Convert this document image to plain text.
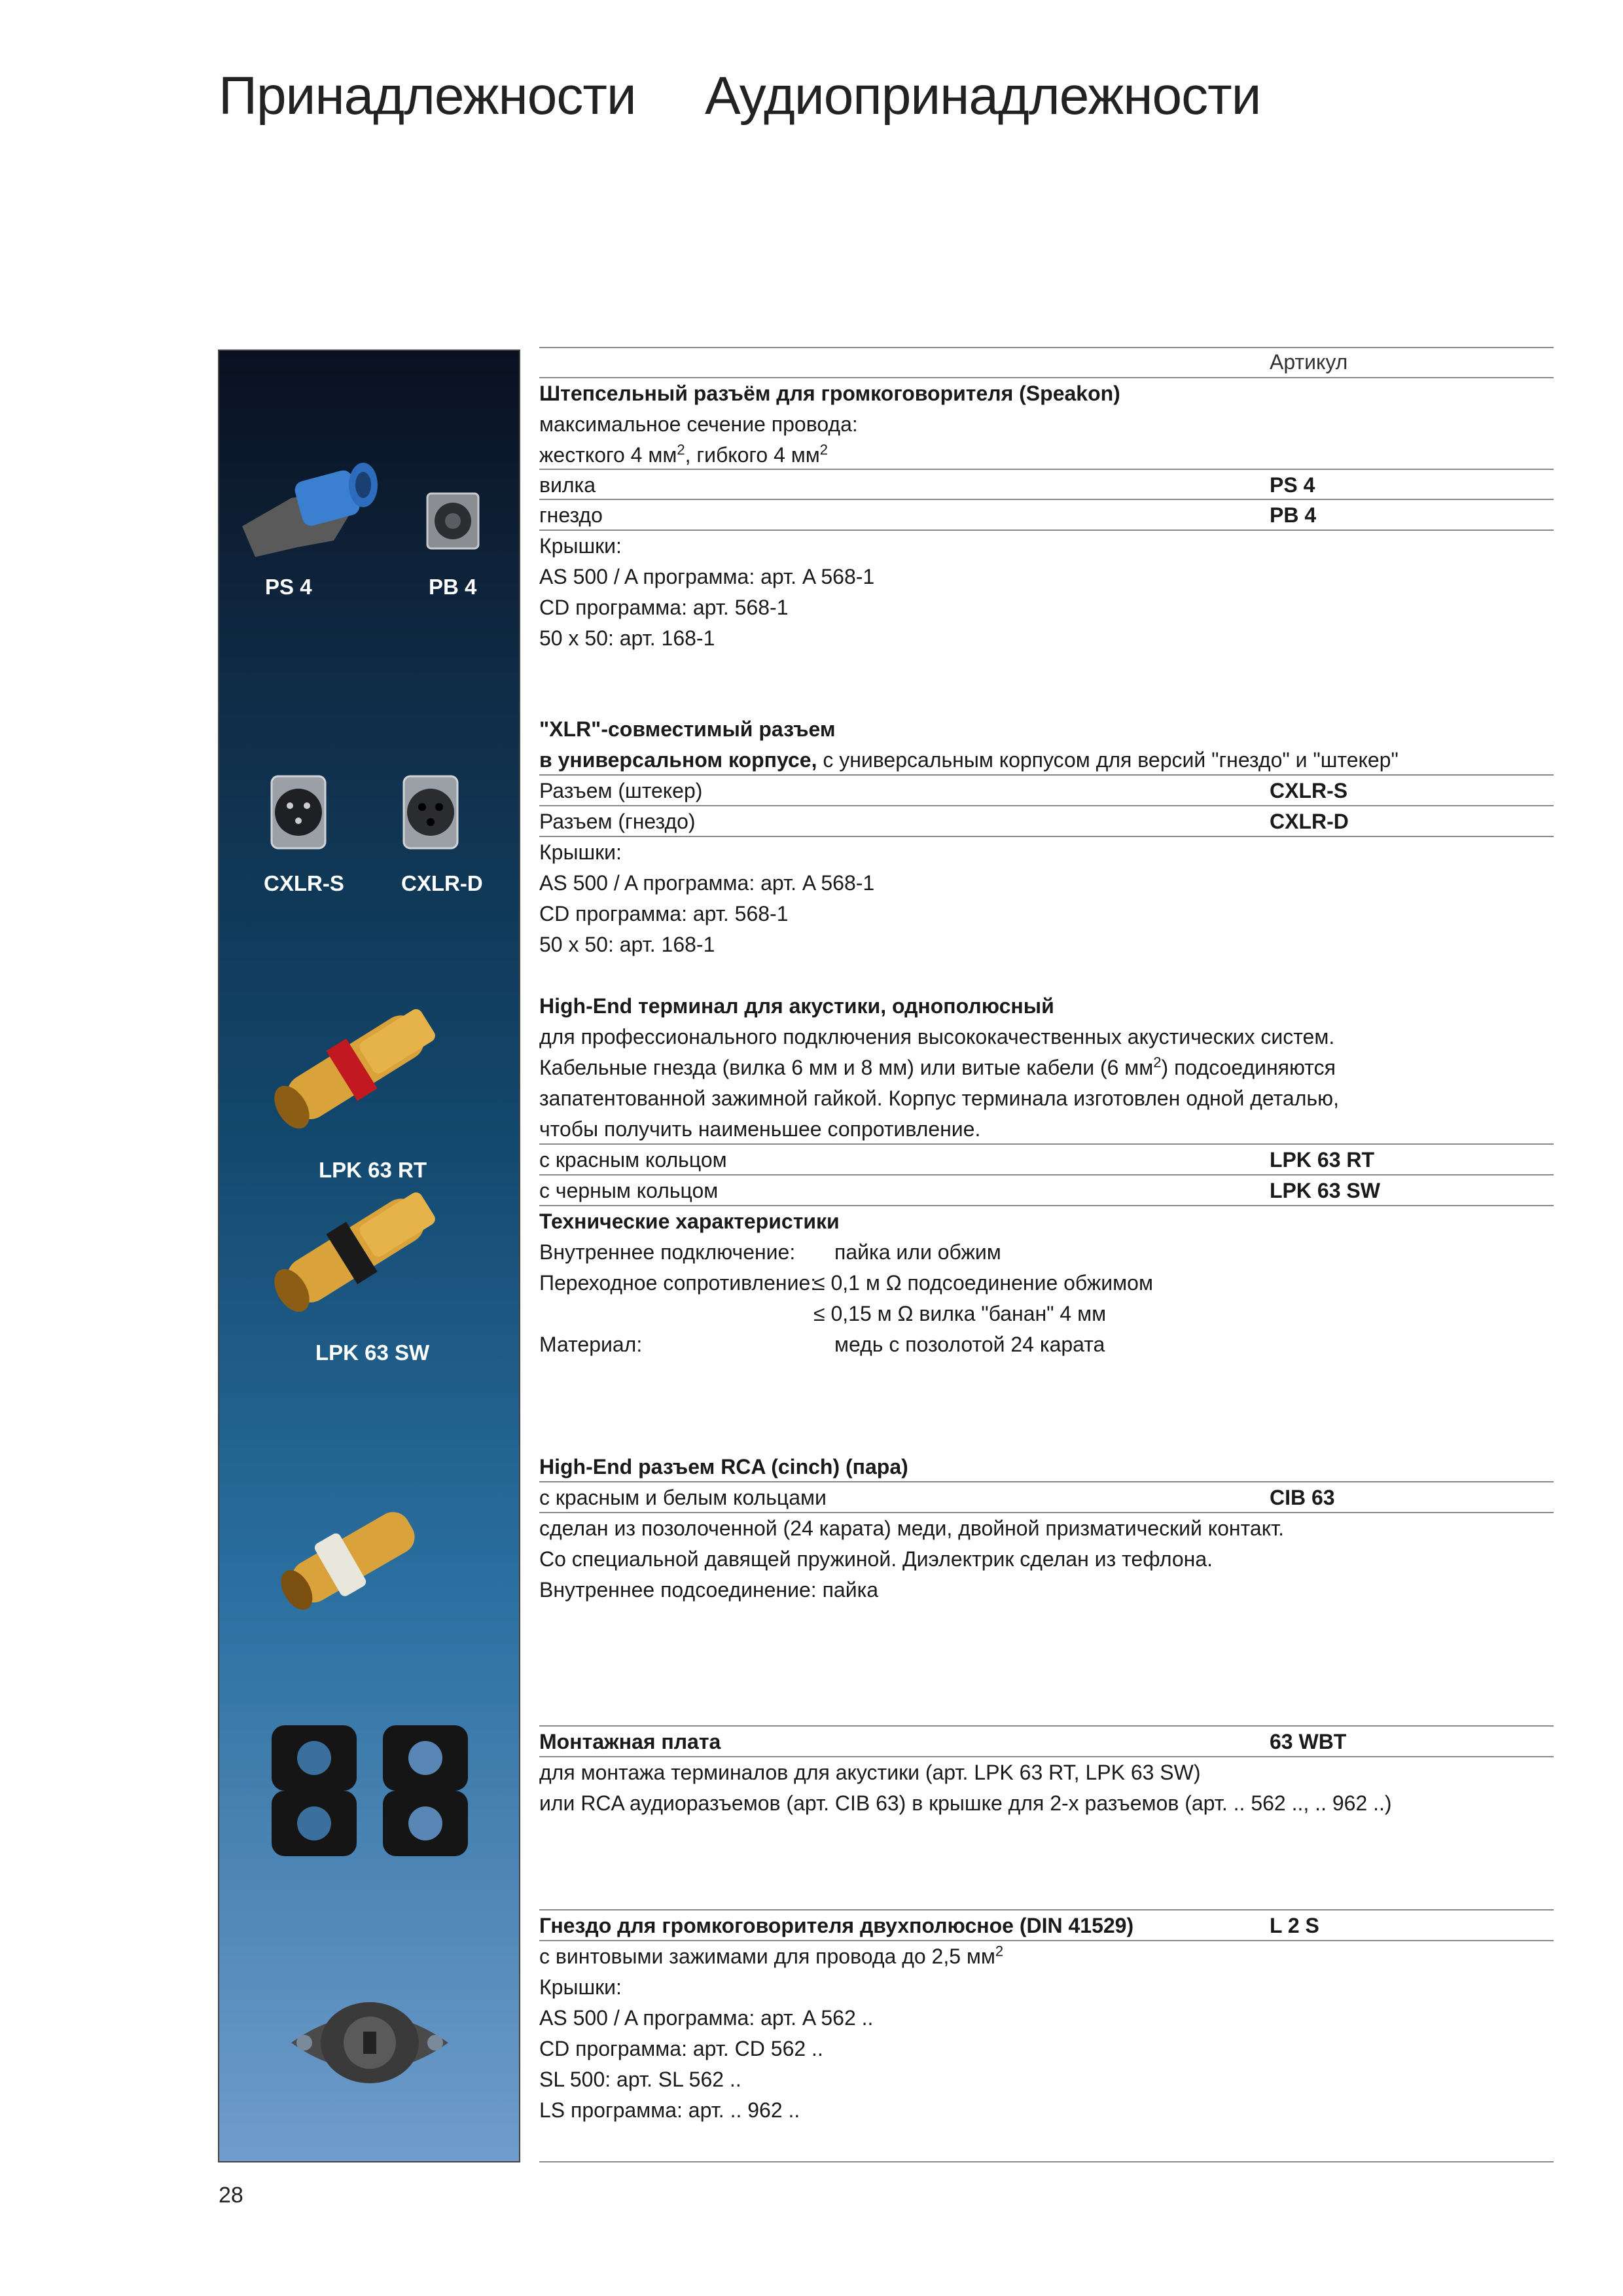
Принадлежности Аудиопринадлежности
PS 4	PB 4
CXLR-S	CXLR-D
LPK 63 RT
LPK 63 SW
Артикул
Штепсельный разъём для громкоговорителя (Speakon)
максимальное сечение провода:
жесткого 4 $мм^2$, гибкого 4 $мм^2$
вилка	PS 4
гнездо	PB 4
Крышки:
AS 500 / A программа: арт. A 568-1
CD программа: арт. 568-1
50 x 50: арт. 168-1
"XLR"-совместимый разъем
в универсальном корпусе, с универсальным корпусом для версий "гнездо" и "штекер"
Разъем (штекер)	CXLR-S
Разъем (гнездо)	CXLR-D
Крышки:
AS 500 / A программа: арт. A 568-1
CD программа: арт. 568-1
50 x 50: арт. 168-1
High-End терминал для акустики, однополюсный
для профессионального подключения высококачественных акустических систем.
Кабельные гнезда (вилка 6 мм и 8 мм) или витые кабели (6 $мм^2$) подсоединяются
запатентованной зажимной гайкой. Корпус терминала изготовлен одной деталью,
чтобы получить наименьшее сопротивление.
с красным кольцом	LPK 63 RT
с черным кольцом	LPK 63 SW
Технические характеристики
Внутреннее подключение: пайка или обжим
Переходное сопротивление:
≤ 0,1 м Ω подсоединение обжимом
≤ 0,15 м Ω вилка "банан" 4 мм
Материал:	медь с позолотой 24 карата
High-End разъем RCA (cinch) (пара)
с красным и белым кольцами	CIB 63
сделан из позолоченной (24 карата) меди, двойной призматический контакт.
Со специальной давящей пружиной. Диэлектрик сделан из тефлона.
Внутреннее подсоединение: пайка
Монтажная плата	63 WBT
для монтажа терминалов для акустики (арт. LPK 63 RT, LPK 63 SW)
или RCA аудиоразъемов (арт. CIB 63) в крышке для 2-х разъемов (арт. .. 562 .., .. 962 ..)
Гнездо для громкоговорителя двухполюсное (DIN 41529)	L 2 S
с винтовыми зажимами для провода до 2,5 $мм^2$
Крышки:
AS 500 / A программа: арт. A 562 ..
CD программа: арт. CD 562 ..
SL 500: арт. SL 562 ..
LS программа: арт. .. 962 ..
28
